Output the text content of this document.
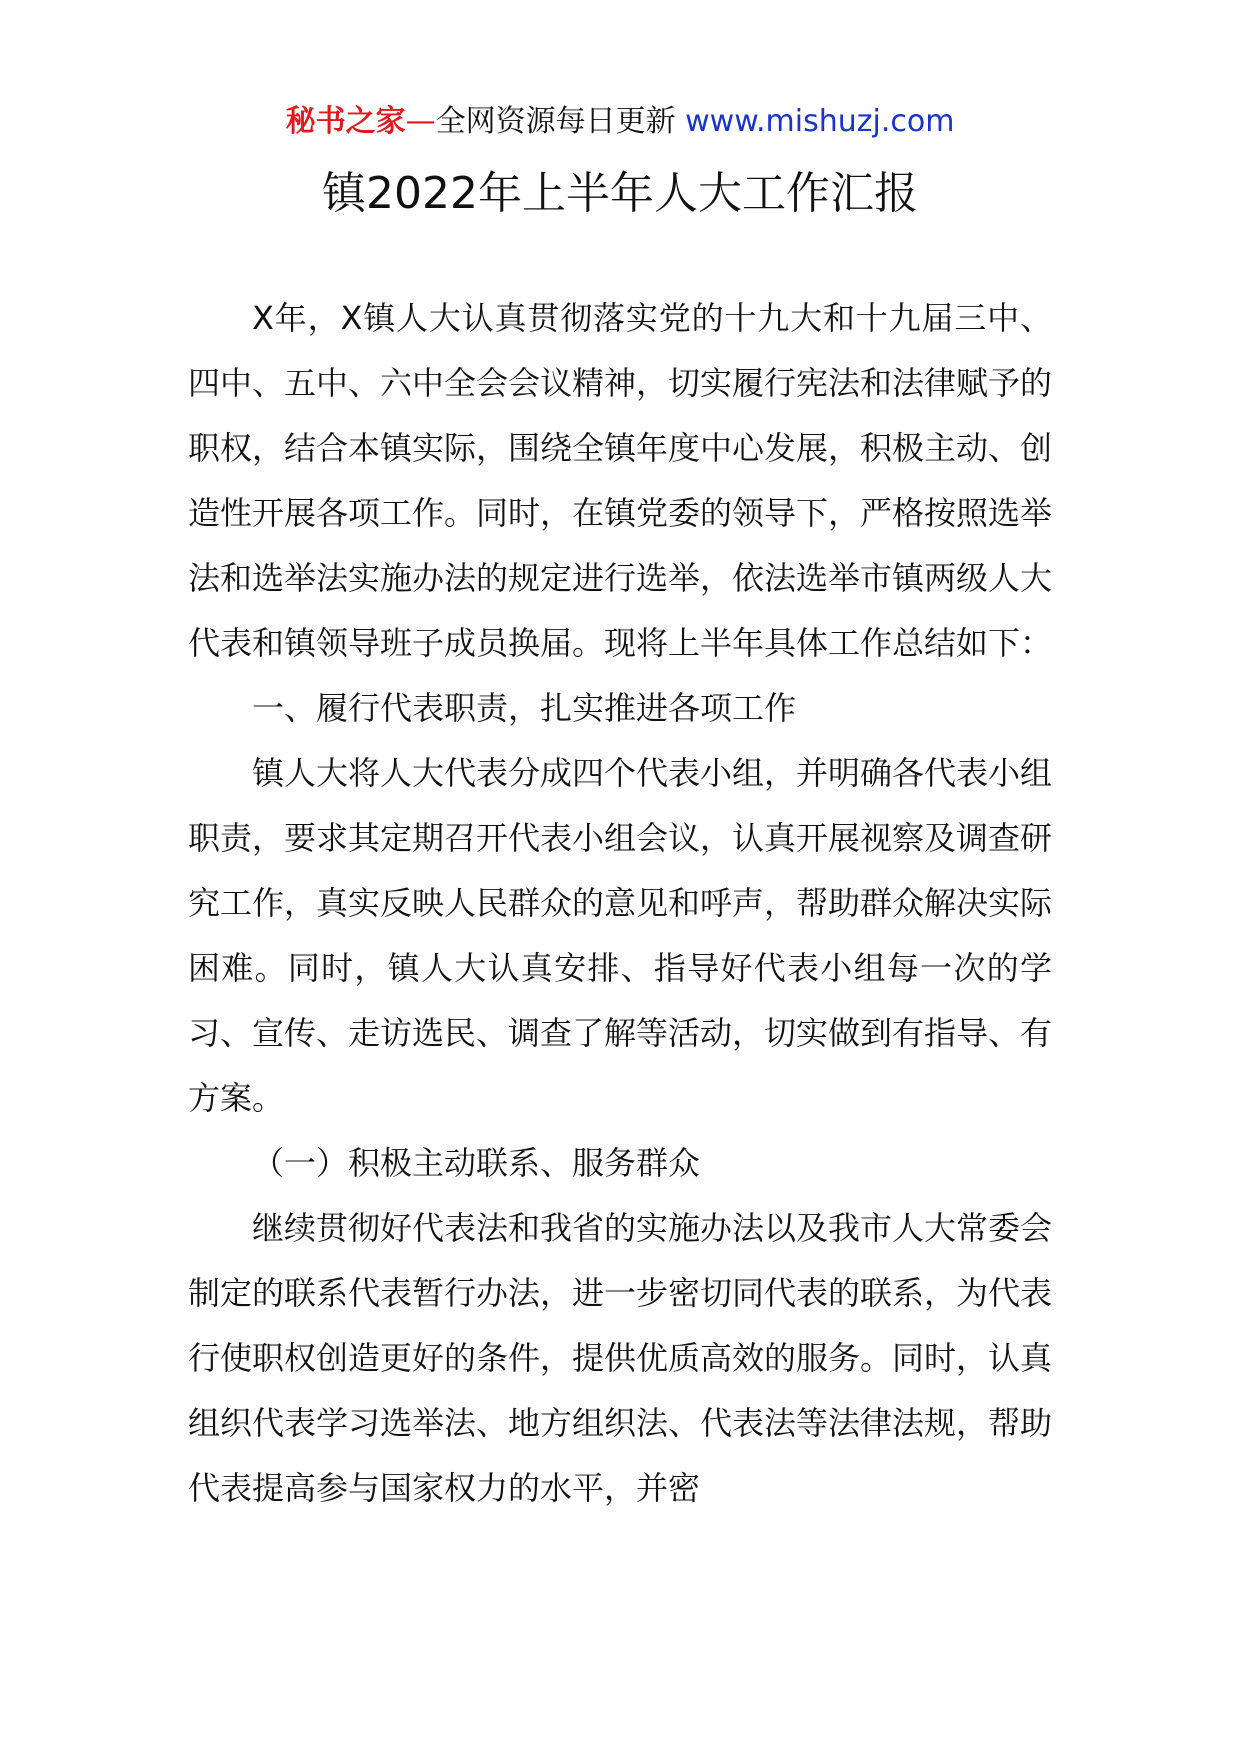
秘书之家—全网资源每日更新 www.mishuzj.com
镇2022年上半年人大工作汇报

X年，X镇人大认真贯彻落实党的十九大和十九届三中、四中、五中、六中全会会议精神，切实履行宪法和法律赋予的职权，结合本镇实际，围绕全镇年度中心发展，积极主动、创造性开展各项工作。同时，在镇党委的领导下，严格按照选举法和选举法实施办法的规定进行选举，依法选举市镇两级人大代表和镇领导班子成员换届。现将上半年具体工作总结如下：

一、履行代表职责，扎实推进各项工作

镇人大将人大代表分成四个代表小组，并明确各代表小组职责，要求其定期召开代表小组会议，认真开展视察及调查研究工作，真实反映人民群众的意见和呼声，帮助群众解决实际困难。同时，镇人大认真安排、指导好代表小组每一次的学习、宣传、走访选民、调查了解等活动，切实做到有指导、有方案。

（一）积极主动联系、服务群众

继续贯彻好代表法和我省的实施办法以及我市人大常委会制定的联系代表暂行办法，进一步密切同代表的联系，为代表行使职权创造更好的条件，提供优质高效的服务。同时，认真组织代表学习选举法、地方组织法、代表法等法律法规，帮助代表提高参与国家权力的水平，并密
